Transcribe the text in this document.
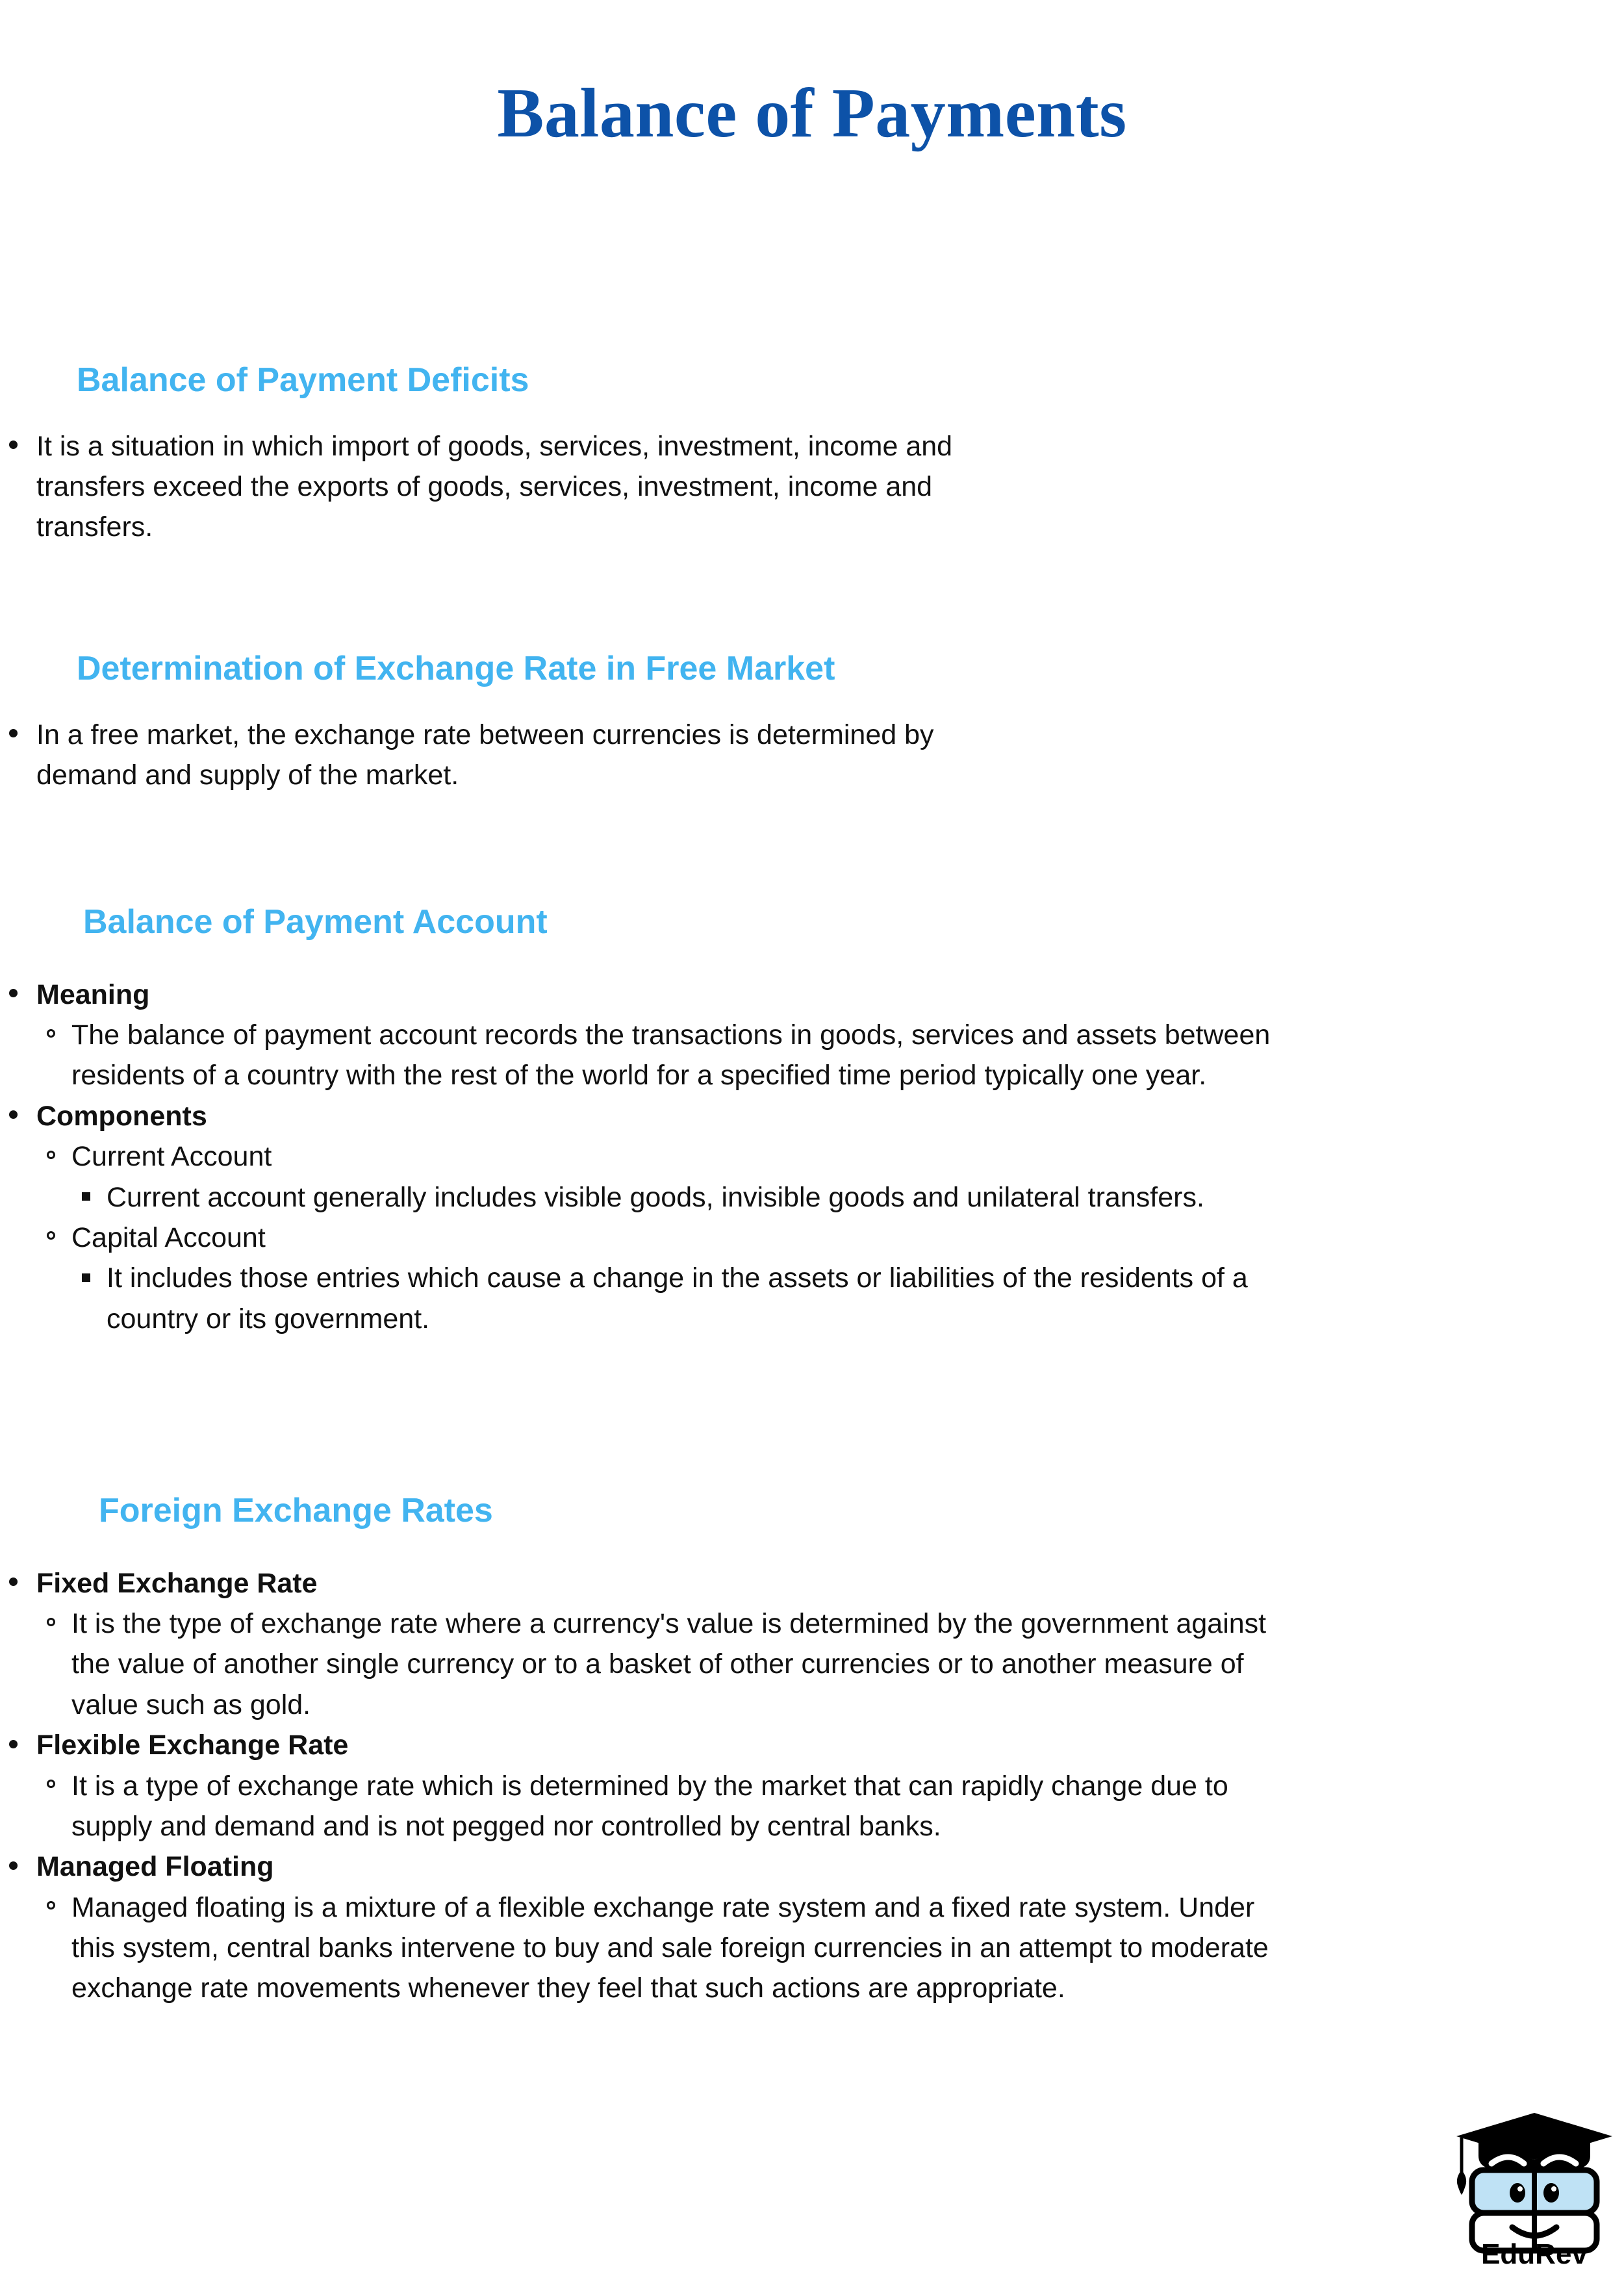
Balance of Payments
Balance of Payment Deficits
It is a situation in which import of goods, services, investment, income and transfers exceed the exports of goods, services, investment, income and transfers.
Determination of Exchange Rate in Free Market
In a free market, the exchange rate between currencies is determined by demand and supply of the market.
Balance of Payment Account
Meaning
The balance of payment account records the transactions in goods, services and assets between residents of a country with the rest of the world for a specified time period typically one year.
Components
Current Account
Current account generally includes visible goods, invisible goods and unilateral transfers.
Capital Account
It includes those entries which cause a change in the assets or liabilities of the residents of a country or its government.
Foreign Exchange Rates
Fixed Exchange Rate
It is the type of exchange rate where a currency's value is determined by the government against the value of another single currency or to a basket of other currencies or to another measure of value such as gold.
Flexible Exchange Rate
It is a type of exchange rate which is determined by the market that can rapidly change due to supply and demand and is not pegged nor controlled by central banks.
Managed Floating
Managed floating is a mixture of a flexible exchange rate system and a fixed rate system. Under this system, central banks intervene to buy and sale foreign currencies in an attempt to moderate exchange rate movements whenever they feel that such actions are appropriate.
EduRev
